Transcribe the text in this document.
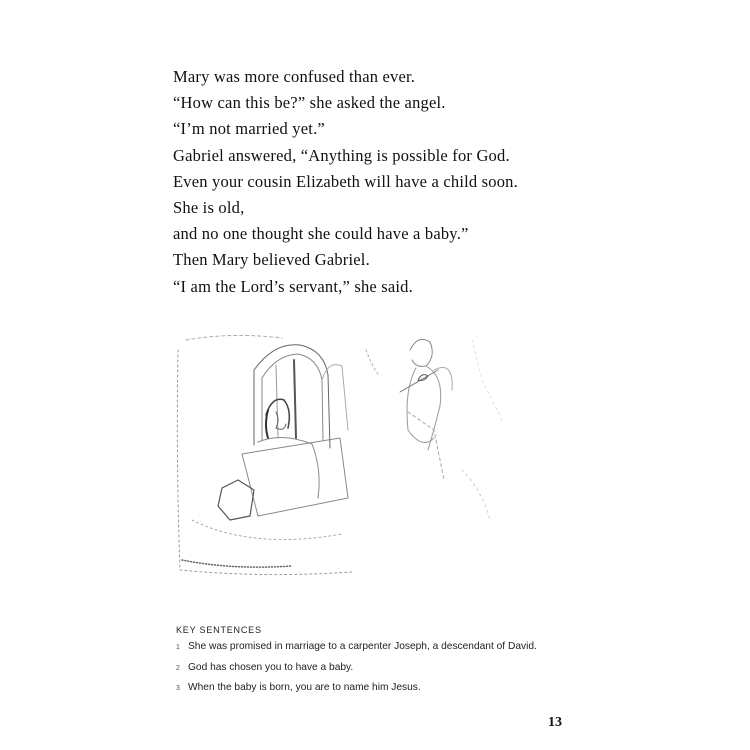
Mary was more confused than ever.
“How can this be?” she asked the angel.
“I’m not married yet.”
Gabriel answered, “Anything is possible for God.
Even your cousin Elizabeth will have a child soon.
She is old,
and no one thought she could have a baby.”
Then Mary believed Gabriel.
“I am the Lord’s servant,” she said.
KEY SENTENCES
1 She was promised in marriage to a carpenter Joseph, a descendant of David.
2 God has chosen you to have a baby.
3 When the baby is born, you are to name him Jesus.
13
